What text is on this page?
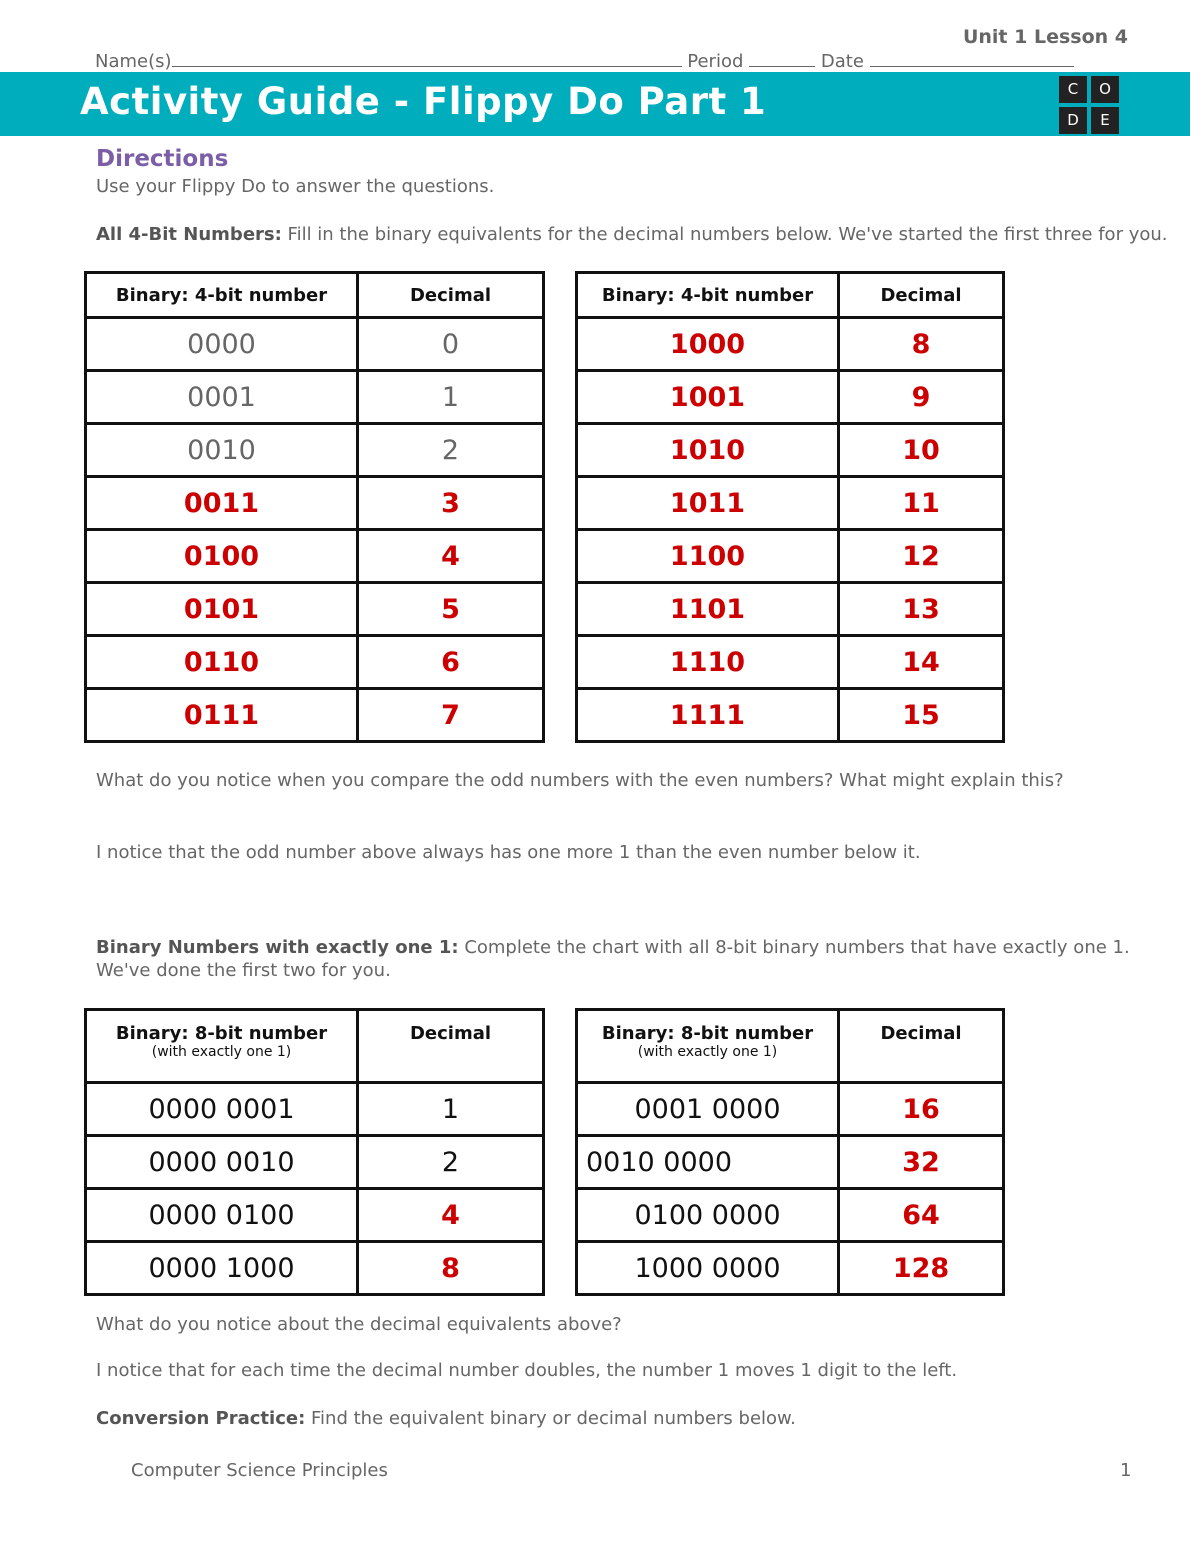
Unit 1 Lesson 4
Name(s)	Period	Date
Activity Guide - Flippy Do Part 1	C	O
D	E
Directions
Use your Flippy Do to answer the questions.
All 4-Bit Numbers: Fill in the binary equivalents for the decimal numbers below. We've started the first three for you.
Binary: 4-bit number	Decimal
0000	0
0001	1
0010	2
0011	3
0100	4
0101	5
0110	6
0111	7
Binary: 4-bit number	Decimal
1000	8
1001	9
1010	10
1011	11
1100	12
1101	13
1110	14
1111	15
What do you notice when you compare the odd numbers with the even numbers? What might explain this?
I notice that the odd number above always has one more 1 than the even number below it.
Binary Numbers with exactly one 1: Complete the chart with all 8-bit binary numbers that have exactly one 1.
We've done the first two for you.
Binary: 8-bit number
(with exactly one 1)	Decimal
0000 0001	1
0000 0010	2
0000 0100	4
0000 1000	8
Binary: 8-bit number
(with exactly one 1)	Decimal
0001 0000	16
0010 0000	32
0100 0000	64
1000 0000	128
What do you notice about the decimal equivalents above?
I notice that for each time the decimal number doubles, the number 1 moves 1 digit to the left.
Conversion Practice: Find the equivalent binary or decimal numbers below.
Computer Science Principles	1
